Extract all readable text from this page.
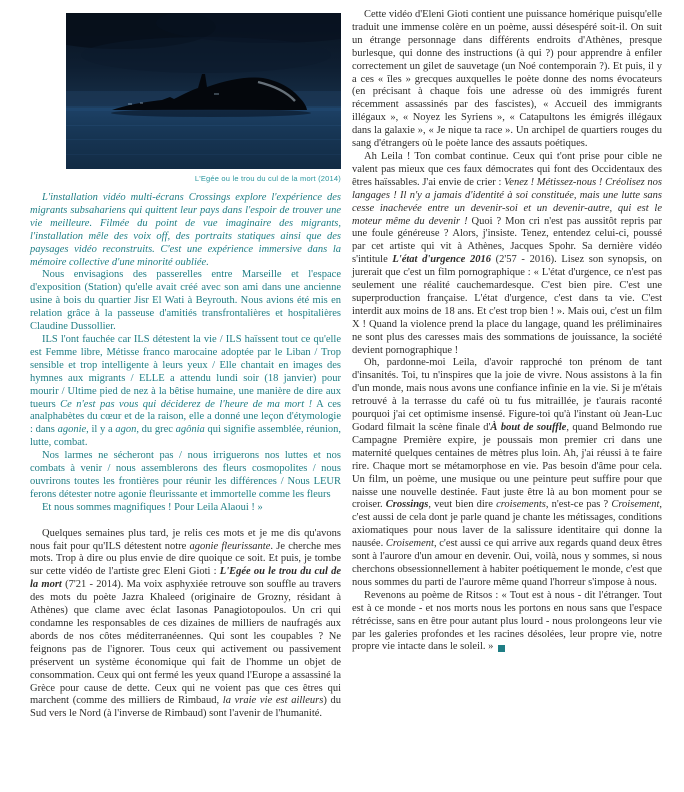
L'Egée ou le trou du cul de la mort (2014)

L'installation vidéo multi-écrans Crossings explore l'expérience des migrants subsahariens qui quittent leur pays dans l'espoir de trouver une vie meilleure. Filmée du point de vue imaginaire des migrants, l'installation mêle des voix off, des portraits statiques ainsi que des paysages vidéo reconstruits. C'est une expérience immersive dans la mémoire collective d'une minorité oubliée.

Nous envisagions des passerelles entre Marseille et l'espace d'exposition (Station) qu'elle avait créé avec son ami dans une ancienne usine à bois du quartier Jisr El Wati à Beyrouth. Nous avions été mis en relation grâce à la passeuse d'amitiés transfrontalières et hospitalières Claudine Dussollier.

ILS l'ont fauchée car ILS détestent la vie / ILS haïssent tout ce qu'elle est Femme libre, Métisse franco marocaine adoptée par le Liban / Trop sensible et trop intelligente à leurs yeux / Elle chantait en images des hymnes aux migrants / ELLE a attendu lundi soir (18 janvier) pour mourir / Ultime pied de nez à la bêtise humaine, une manière de dire aux tueurs Ce n'est pas vous qui déciderez de l'heure de ma mort ! A ces analphabètes du cœur et de la raison, elle a donné une leçon d'étymologie : dans agonie, il y a agon, du grec agônia qui signifie assemblée, réunion, lutte, combat.

Nos larmes ne sécheront pas / nous irriguerons nos luttes et nos combats à venir / nous assemblerons des fleurs cosmopolites / nous ouvrirons toutes les frontières pour réunir les différences / Nous LEUR ferons détester notre agonie fleurissante et immortelle comme les fleurs

Et nous sommes magnifiques ! Pour Leila Alaoui ! »

Quelques semaines plus tard, je relis ces mots et je me dis qu'avons nous fait pour qu'ILS détestent notre agonie fleurissante. Je cherche mes mots. Trop à dire ou plus envie de dire quoique ce soit. Et puis, je tombe sur cette vidéo de l'artiste grec Eleni Gioti : L'Egée ou le trou du cul de la mort (7'21 - 2014). Ma voix asphyxiée retrouve son souffle au travers des mots du poète Jazra Khaleed (originaire de Grozny, résidant à Athènes) que clame avec éclat Iasonas Panagiotopoulos. Un cri qui condamne les responsables de ces dizaines de milliers de naufragés aux abords de nos côtes méditerranéennes. Qui sont les coupables ? Ne feignons pas de l'ignorer. Tous ceux qui activement ou passivement préservent un système économique qui fait de l'homme un objet de consommation. Ceux qui ont fermé les yeux quand l'Europe a assassiné la Grèce pour cause de dette. Ceux qui ne voient pas que ces êtres qui marchent (comme des milliers de Rimbaud, la vraie vie est ailleurs) du Sud vers le Nord (à l'inverse de Rimbaud) sont l'avenir de l'humanité.

Cette vidéo d'Eleni Gioti contient une puissance homérique puisqu'elle traduit une immense colère en un poème, aussi désespéré soit-il. On suit un étrange personnage dans différents endroits d'Athènes, presque burlesque, qui donne des instructions (à qui ?) pour apprendre à enfiler correctement un gilet de sauvetage (un Noé contemporain ?). Et puis, il y a ces « îles » grecques auxquelles le poète donne des noms évocateurs (en précisant à chaque fois une adresse où des immigrés furent récemment assassinés par des fascistes), « Accueil des immigrants illégaux », « Noyez les Syriens », « Catapultons les émigrés illégaux dans la galaxie », « Je nique ta race ». Un archipel de quartiers rouges du sang d'étrangers où le poète lance des assauts poétiques.

Ah Leila ! Ton combat continue. Ceux qui t'ont prise pour cible ne valent pas mieux que ces faux démocrates qui font des Occidentaux des êtres haïssables. J'ai envie de crier : Venez ! Métissez-nous ! Créolisez nos langages ! Il n'y a jamais d'identité à soi constituée, mais une lutte sans cesse inachevée entre un devenir-soi et un devenir-autre, qui est le moteur même du devenir ! Quoi ? Mon cri n'est pas aussitôt repris par une foule généreuse ? Alors, j'insiste. Tenez, entendez celui-ci, poussé par cet artiste qui vit à Athènes, Jacques Spohr. Sa dernière vidéo s'intitule L'état d'urgence 2016 (2'57 - 2016). Lisez son synopsis, on jurerait que c'est un film pornographique : « L'état d'urgence, ce n'est pas seulement une réalité cauchemardesque. C'est bien pire. C'est une superproduction française. L'état d'urgence, c'est dans ta vie. C'est interdit aux moins de 18 ans. Et c'est trop bien ! ». Mais oui, c'est un film X ! Quand la violence prend la place du langage, quand les préliminaires ne sont plus des caresses mais des sommations de jouissance, la société devient pornographique !

Oh, pardonne-moi Leila, d'avoir rapproché ton prénom de tant d'insanités. Toi, tu n'inspires que la joie de vivre. Nous assistons à la fin d'un monde, mais nous avons une confiance infinie en la vie. Si je m'étais retrouvé à la terrasse du café où tu fus mitraillée, je t'aurais raconté pourquoi j'ai cet optimisme insensé. Figure-toi qu'à l'instant où Jean-Luc Godard filmait la scène finale d'À bout de souffle, quand Belmondo rue Campagne Première expire, je poussais mon premier cri dans une maternité quelques centaines de mètres plus loin. Ah, j'ai réussi à te faire rire. Chaque mort se métamorphose en vie. Pas besoin d'âme pour cela. Un film, un poème, une musique ou une peinture peut suffire pour que naisse une nouvelle destinée. Faut juste être là au bon moment pour se croiser. Crossings, veut bien dire croisements, n'est-ce pas ? Croisement, c'est aussi de cela dont je parle quand je chante les métissages, conditions axiomatiques pour nous laver de la salissure identitaire qui donne la nausée. Croisement, c'est aussi ce qui arrive aux regards quand deux êtres sont à l'aurore d'un amour en devenir. Oui, voilà, nous y sommes, si nous cherchons obsessionnellement à habiter poétiquement le monde, c'est que nous sommes du parti de l'aurore même quand l'horreur s'impose à nous.

Revenons au poème de Ritsos : « Tout est à nous - dit l'étranger. Tout est à ce monde - et nos morts nous les portons en nous sans que l'espace rétrécisse, sans en être pour autant plus lourd - nous prolongeons leur vie par les galeries profondes et les racines désolées, leur propre vie, notre propre vie intacte dans le soleil. »	M
